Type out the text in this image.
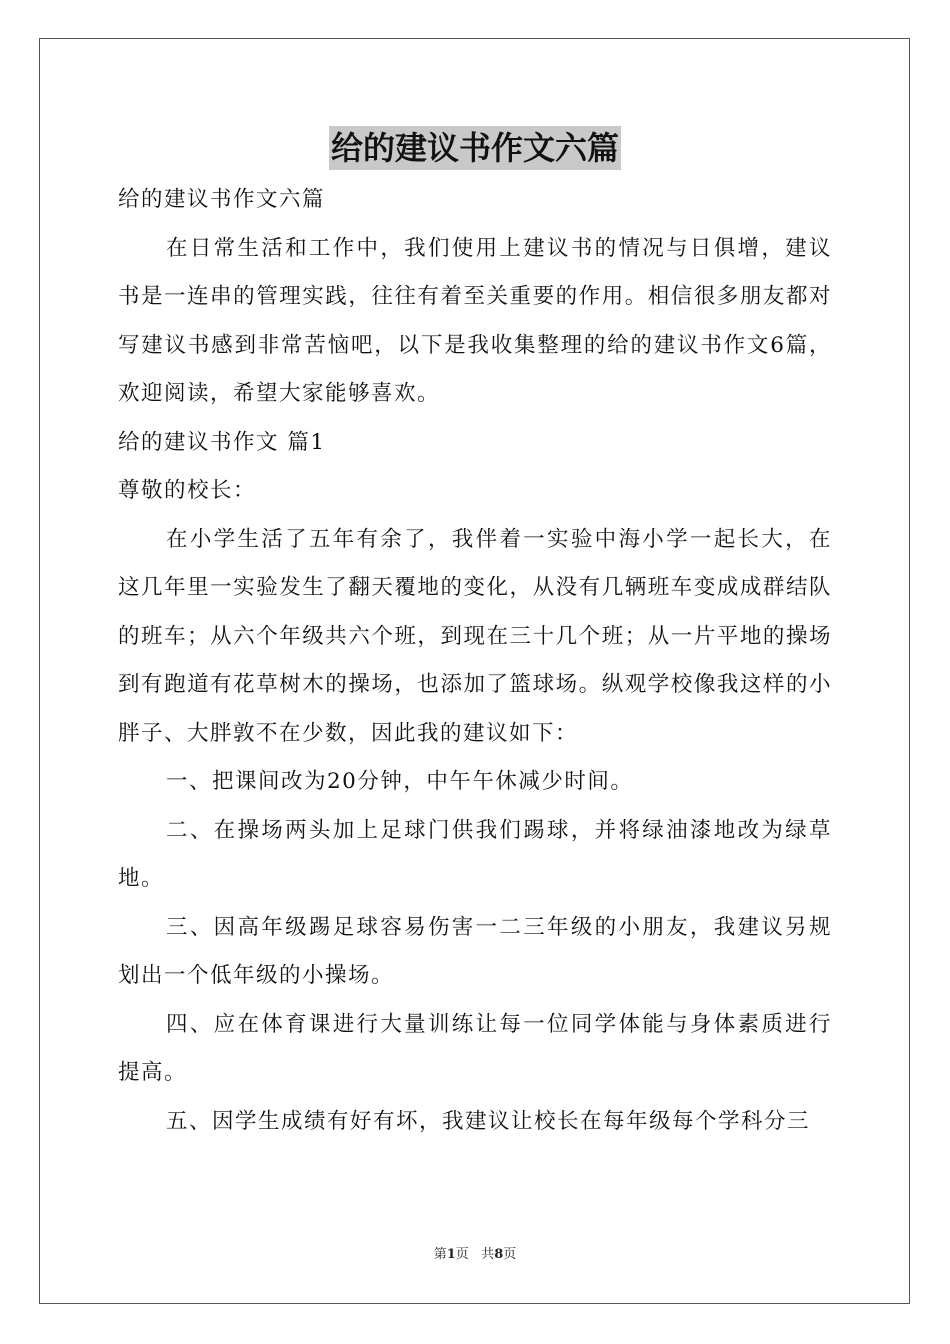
给的建议书作文六篇

给的建议书作文六篇

在日常生活和工作中，我们使用上建议书的情况与日俱增，建议书是一连串的管理实践，往往有着至关重要的作用。相信很多朋友都对写建议书感到非常苦恼吧，以下是我收集整理的给的建议书作文6篇，欢迎阅读，希望大家能够喜欢。

给的建议书作文 篇1

尊敬的校长：

在小学生活了五年有余了，我伴着一实验中海小学一起长大，在这几年里一实验发生了翻天覆地的变化，从没有几辆班车变成成群结队的班车；从六个年级共六个班，到现在三十几个班；从一片平地的操场到有跑道有花草树木的操场，也添加了篮球场。纵观学校像我这样的小胖子、大胖敦不在少数，因此我的建议如下：

一、把课间改为20分钟，中午午休减少时间。

二、在操场两头加上足球门供我们踢球，并将绿油漆地改为绿草地。

三、因高年级踢足球容易伤害一二三年级的小朋友，我建议另规划出一个低年级的小操场。

四、应在体育课进行大量训练让每一位同学体能与身体素质进行提高。

五、因学生成绩有好有坏，我建议让校长在每年级每个学科分三

第1页 共8页
